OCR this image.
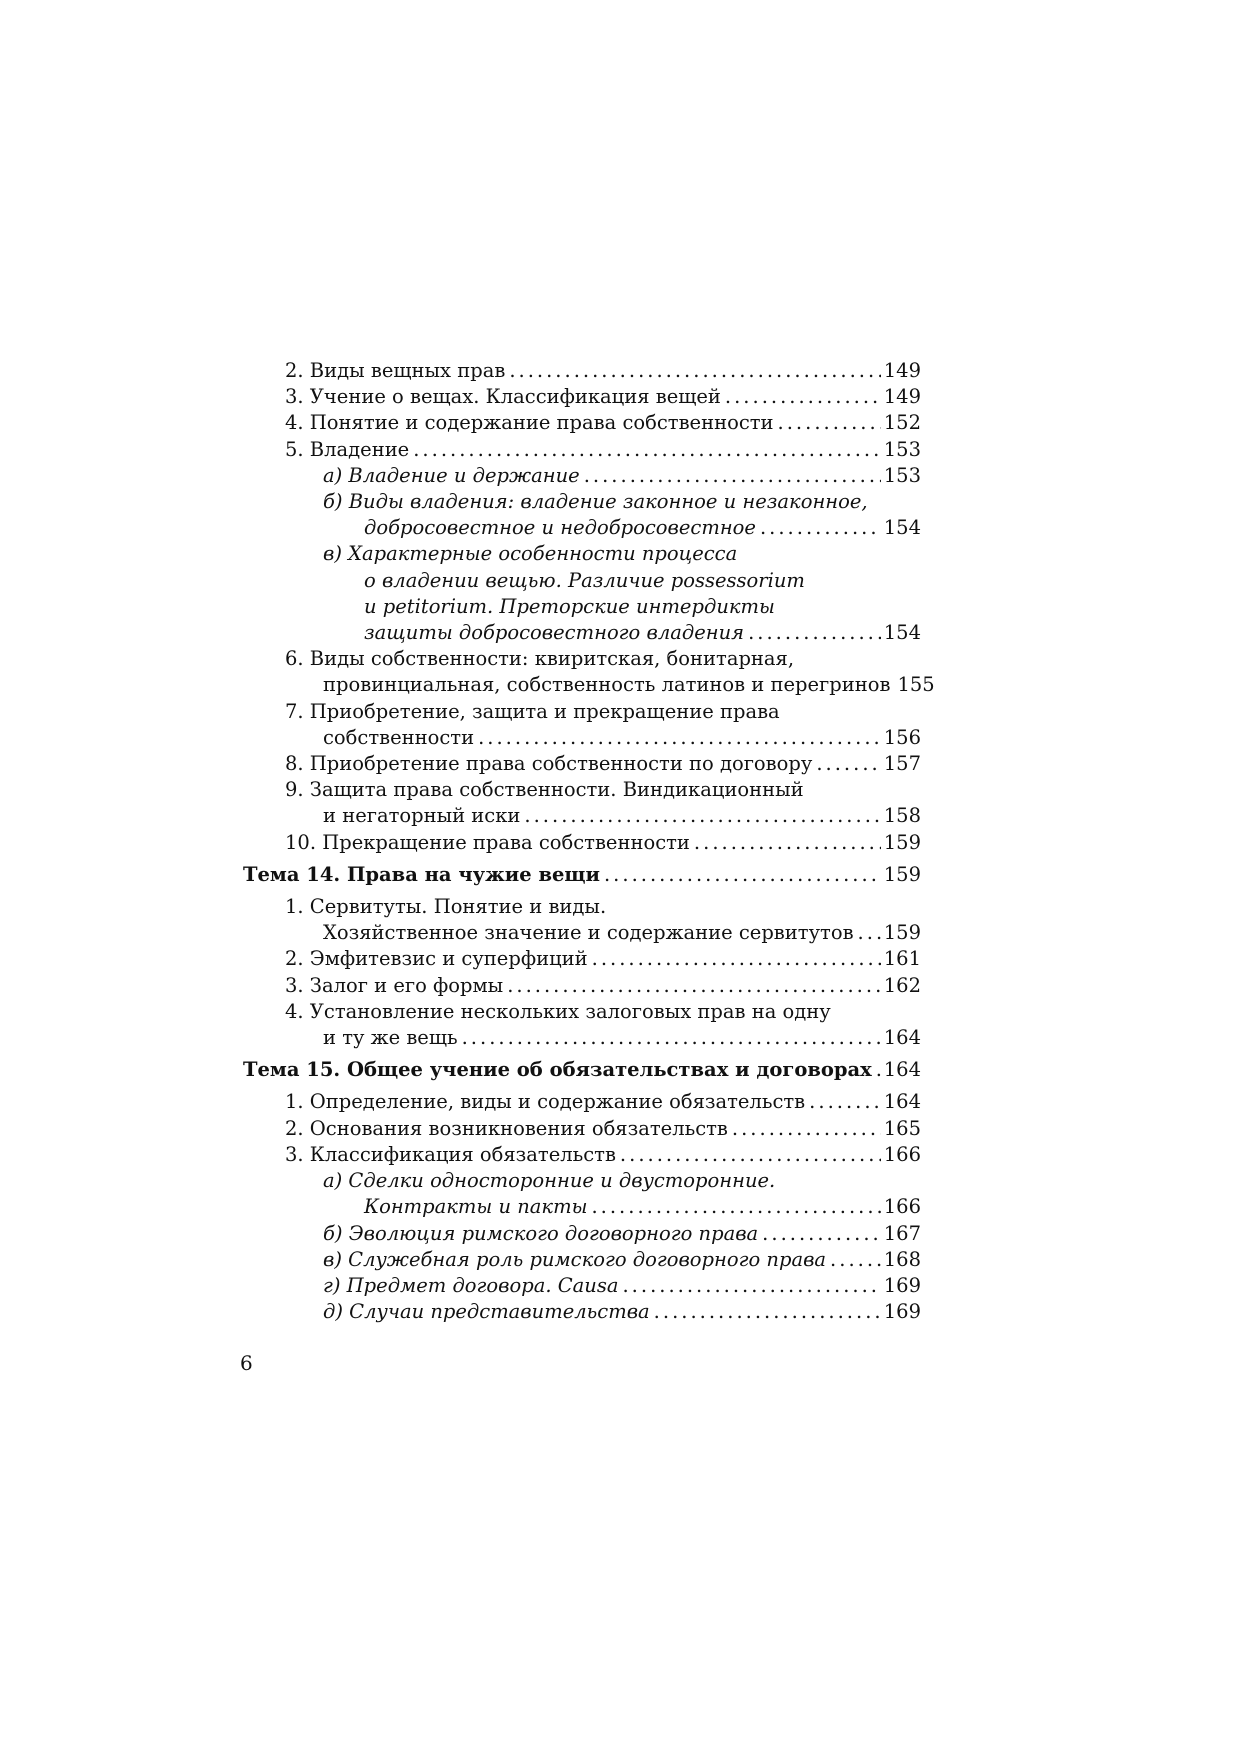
2. Виды вещных прав . . .	149
3. Учение о вещах. Классификация вещей . . .	149
4. Понятие и содержание права собственности . . .	152
5. Владение . . .	153
а) Владение и держание . . .	153
б) Виды владения: владение законное и незаконное,
добросовестное и недобросовестное . . .	154
в) Характерные особенности процесса
о владении вещью. Различие possessorium
и petitorium. Преторские интердикты
защиты добросовестного владения . . .	154
6. Виды собственности: квиритская, бонитарная,
провинциальная, собственность латинов и перегринов 155
7. Приобретение, защита и прекращение права
собственности . . .	156
8. Приобретение права собственности по договору . . .	157
9. Защита права собственности. Виндикационный
и негаторный иски . . .	158
10. Прекращение права собственности . . .	159
Тема 14. Права на чужие вещи . . .	159
1. Сервитуты. Понятие и виды.
Хозяйственное значение и содержание сервитутов . . . 159
2. Эмфитевзис и суперфиций . . .	161
3. Залог и его формы . . .	162
4. Установление нескольких залоговых прав на одну
и ту же вещь . . .	164
Тема 15. Общее учение об обязательствах и договорах . . . 164
1. Определение, виды и содержание обязательств . . .	164
2. Основания возникновения обязательств . . .	165
3. Классификация обязательств . . .	166
а) Сделки односторонние и двусторонние.
Контракты и пакты . . .	166
б) Эволюция римского договорного права . . .	167
в) Служебная роль римского договорного права . . .	168
г) Предмет договора. Causa . . .	169
д) Случаи представительства . . .	169
6
